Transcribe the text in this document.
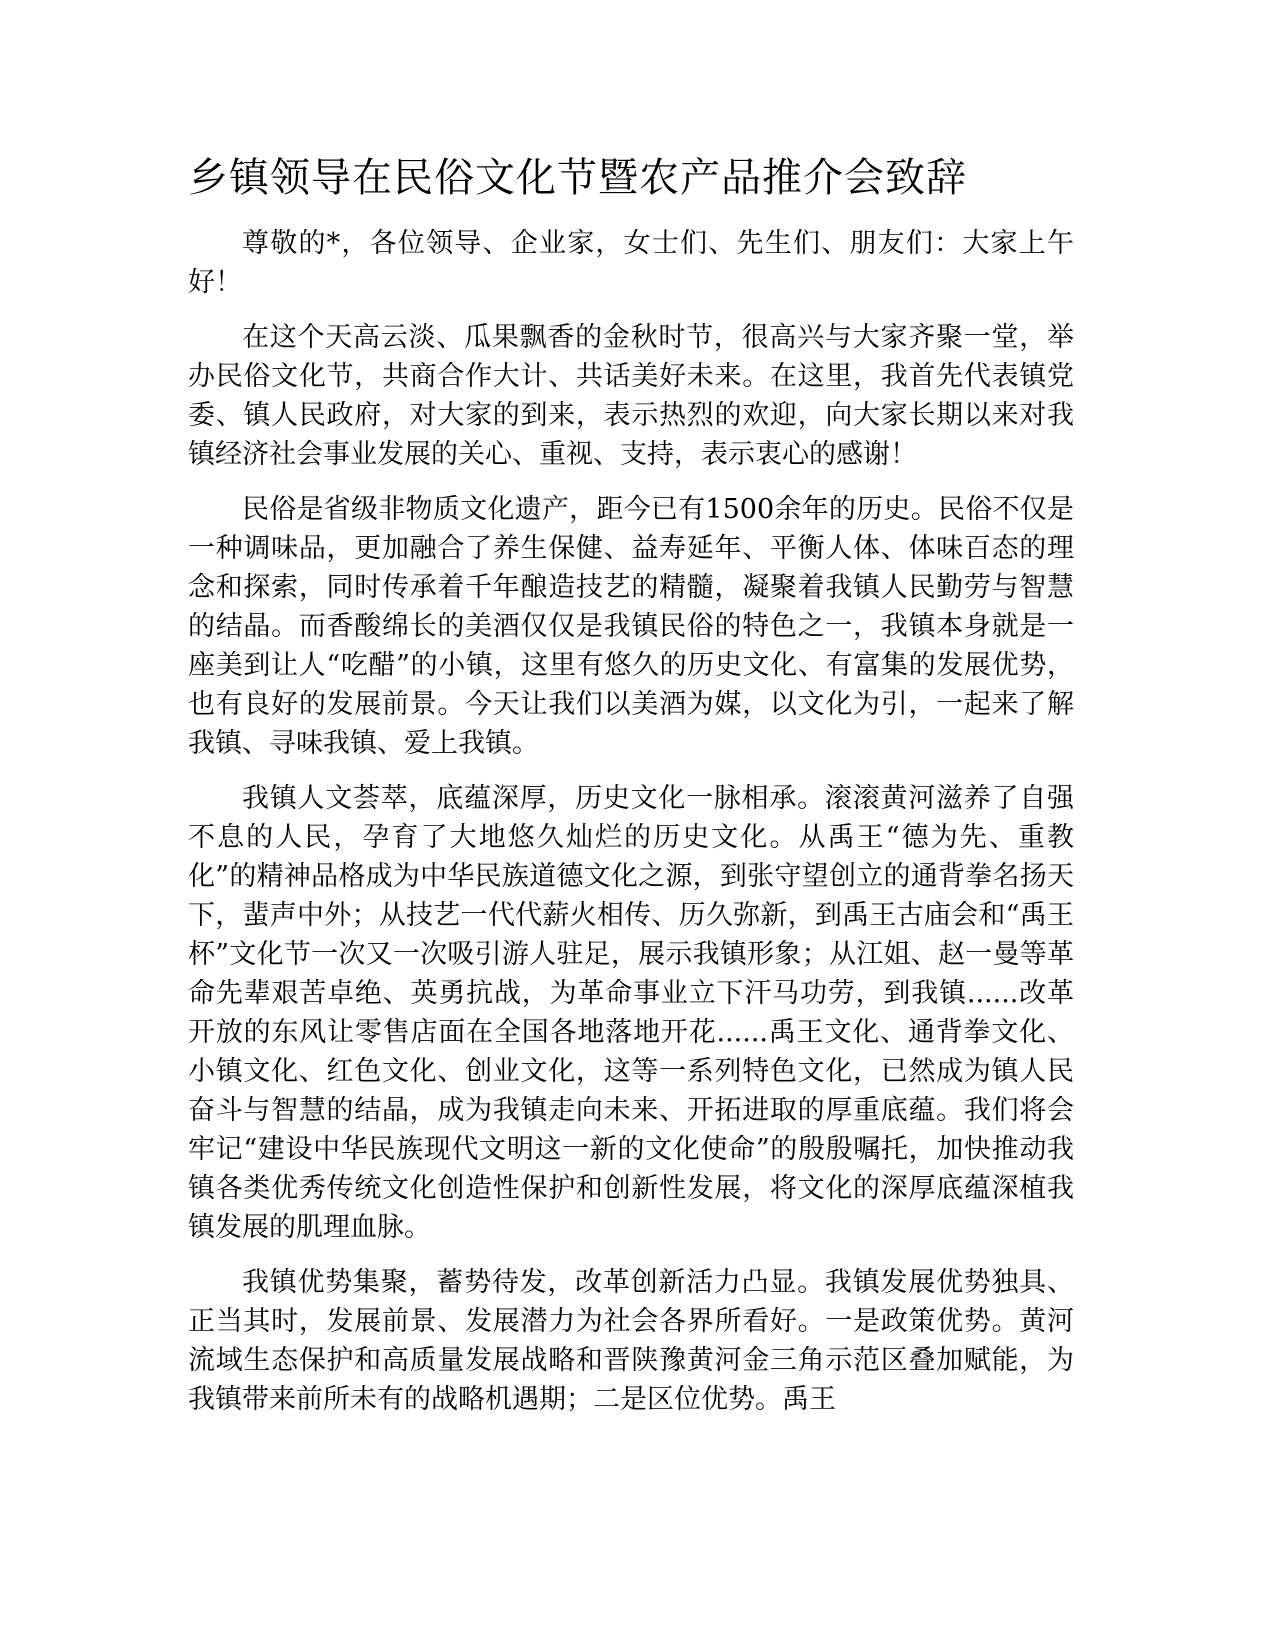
乡镇领导在民俗文化节暨农产品推介会致辞

尊敬的*，各位领导、企业家，女士们、先生们、朋友们：大家上午好！

在这个天高云淡、瓜果飘香的金秋时节，很高兴与大家齐聚一堂，举办民俗文化节，共商合作大计、共话美好未来。在这里，我首先代表镇党委、镇人民政府，对大家的到来，表示热烈的欢迎，向大家长期以来对我镇经济社会事业发展的关心、重视、支持，表示衷心的感谢！

民俗是省级非物质文化遗产，距今已有1500余年的历史。民俗不仅是一种调味品，更加融合了养生保健、益寿延年、平衡人体、体味百态的理念和探索，同时传承着千年酿造技艺的精髓，凝聚着我镇人民勤劳与智慧的结晶。而香酸绵长的美酒仅仅是我镇民俗的特色之一，我镇本身就是一座美到让人“吃醋”的小镇，这里有悠久的历史文化、有富集的发展优势，也有良好的发展前景。今天让我们以美酒为媒，以文化为引，一起来了解我镇、寻味我镇、爱上我镇。

我镇人文荟萃，底蕴深厚，历史文化一脉相承。滚滚黄河滋养了自强不息的人民，孕育了大地悠久灿烂的历史文化。从禹王“德为先、重教化”的精神品格成为中华民族道德文化之源，到张守望创立的通背拳名扬天下，蜚声中外；从技艺一代代薪火相传、历久弥新，到禹王古庙会和“禹王杯”文化节一次又一次吸引游人驻足，展示我镇形象；从江姐、赵一曼等革命先辈艰苦卓绝、英勇抗战，为革命事业立下汗马功劳，到我镇......改革开放的东风让零售店面在全国各地落地开花......禹王文化、通背拳文化、小镇文化、红色文化、创业文化，这等一系列特色文化，已然成为镇人民奋斗与智慧的结晶，成为我镇走向未来、开拓进取的厚重底蕴。我们将会牢记“建设中华民族现代文明这一新的文化使命”的殷殷嘱托，加快推动我镇各类优秀传统文化创造性保护和创新性发展，将文化的深厚底蕴深植我镇发展的肌理血脉。

我镇优势集聚，蓄势待发，改革创新活力凸显。我镇发展优势独具、正当其时，发展前景、发展潜力为社会各界所看好。一是政策优势。黄河流域生态保护和高质量发展战略和晋陕豫黄河金三角示范区叠加赋能，为我镇带来前所未有的战略机遇期；二是区位优势。禹王
